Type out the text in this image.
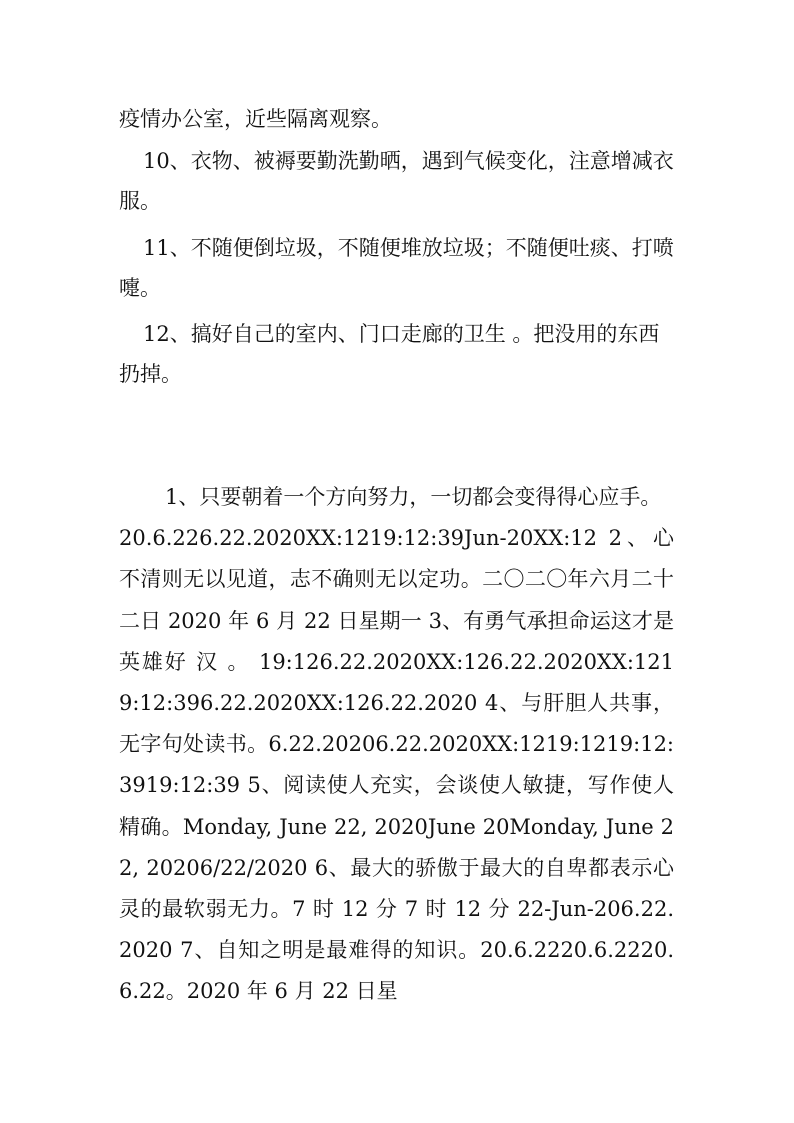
疫情办公室，近些隔离观察。

10、衣物、被褥要勤洗勤晒，遇到气候变化，注意增减衣服。

11、不随便倒垃圾，不随便堆放垃圾；不随便吐痰、打喷嚏。

12、搞好自己的室内、门口走廊的卫生 。把没用的东西扔掉。

1、只要朝着一个方向努力，一切都会变得得心应手。20.6.226.22.2020XX:1219:12:39Jun-20XX:12 2、心不清则无以见道，志不确则无以定功。二〇二〇年六月二十二日 2020 年 6 月 22 日星期一 3、有勇气承担命运这才是英雄好 汉 。 19:126.22.2020XX:126.22.2020XX:1219:12:396.22.2020XX:126.22.2020 4、与肝胆人共事，无字句处读书。6.22.20206.22.2020XX:1219:1219:12:3919:12:39 5、阅读使人充实，会谈使人敏捷，写作使人精确。Monday, June 22, 2020June 20Monday, June 22, 20206/22/2020 6、最大的骄傲于最大的自卑都表示心灵的最软弱无力。7 时 12 分 7 时 12 分 22-Jun-206.22.2020 7、自知之明是最难得的知识。20.6.2220.6.2220.6.22。2020 年 6 月 22 日星
